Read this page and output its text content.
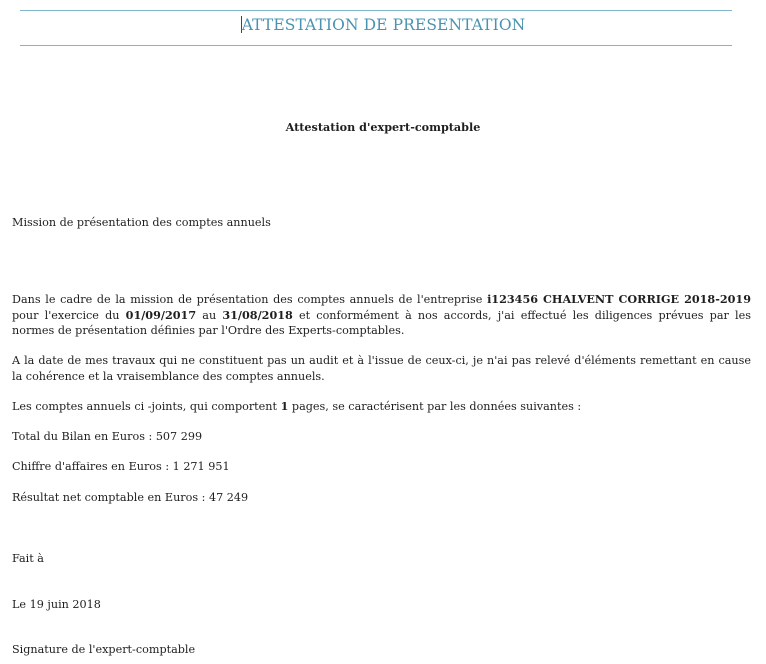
ATTESTATION DE PRESENTATION
Attestation d'expert-comptable
Mission de présentation des comptes annuels
Dans le cadre de la mission de présentation des comptes annuels de l'entreprise i123456 CHALVENT CORRIGE 2018-2019 pour l'exercice du 01/09/2017 au 31/08/2018 et conformément à nos accords, j'ai effectué les diligences prévues par les normes de présentation définies par l'Ordre des Experts-comptables.
A la date de mes travaux qui ne constituent pas un audit et à l'issue de ceux-ci, je n'ai pas relevé d'éléments remettant en cause la cohérence et la vraisemblance des comptes annuels.
Les comptes annuels ci -joints, qui comportent 1 pages, se caractérisent par les données suivantes :
Total du Bilan en Euros : 507 299
Chiffre d'affaires en Euros : 1 271 951
Résultat net comptable en Euros : 47 249
Fait à
Le 19 juin 2018
Signature de l'expert-comptable
